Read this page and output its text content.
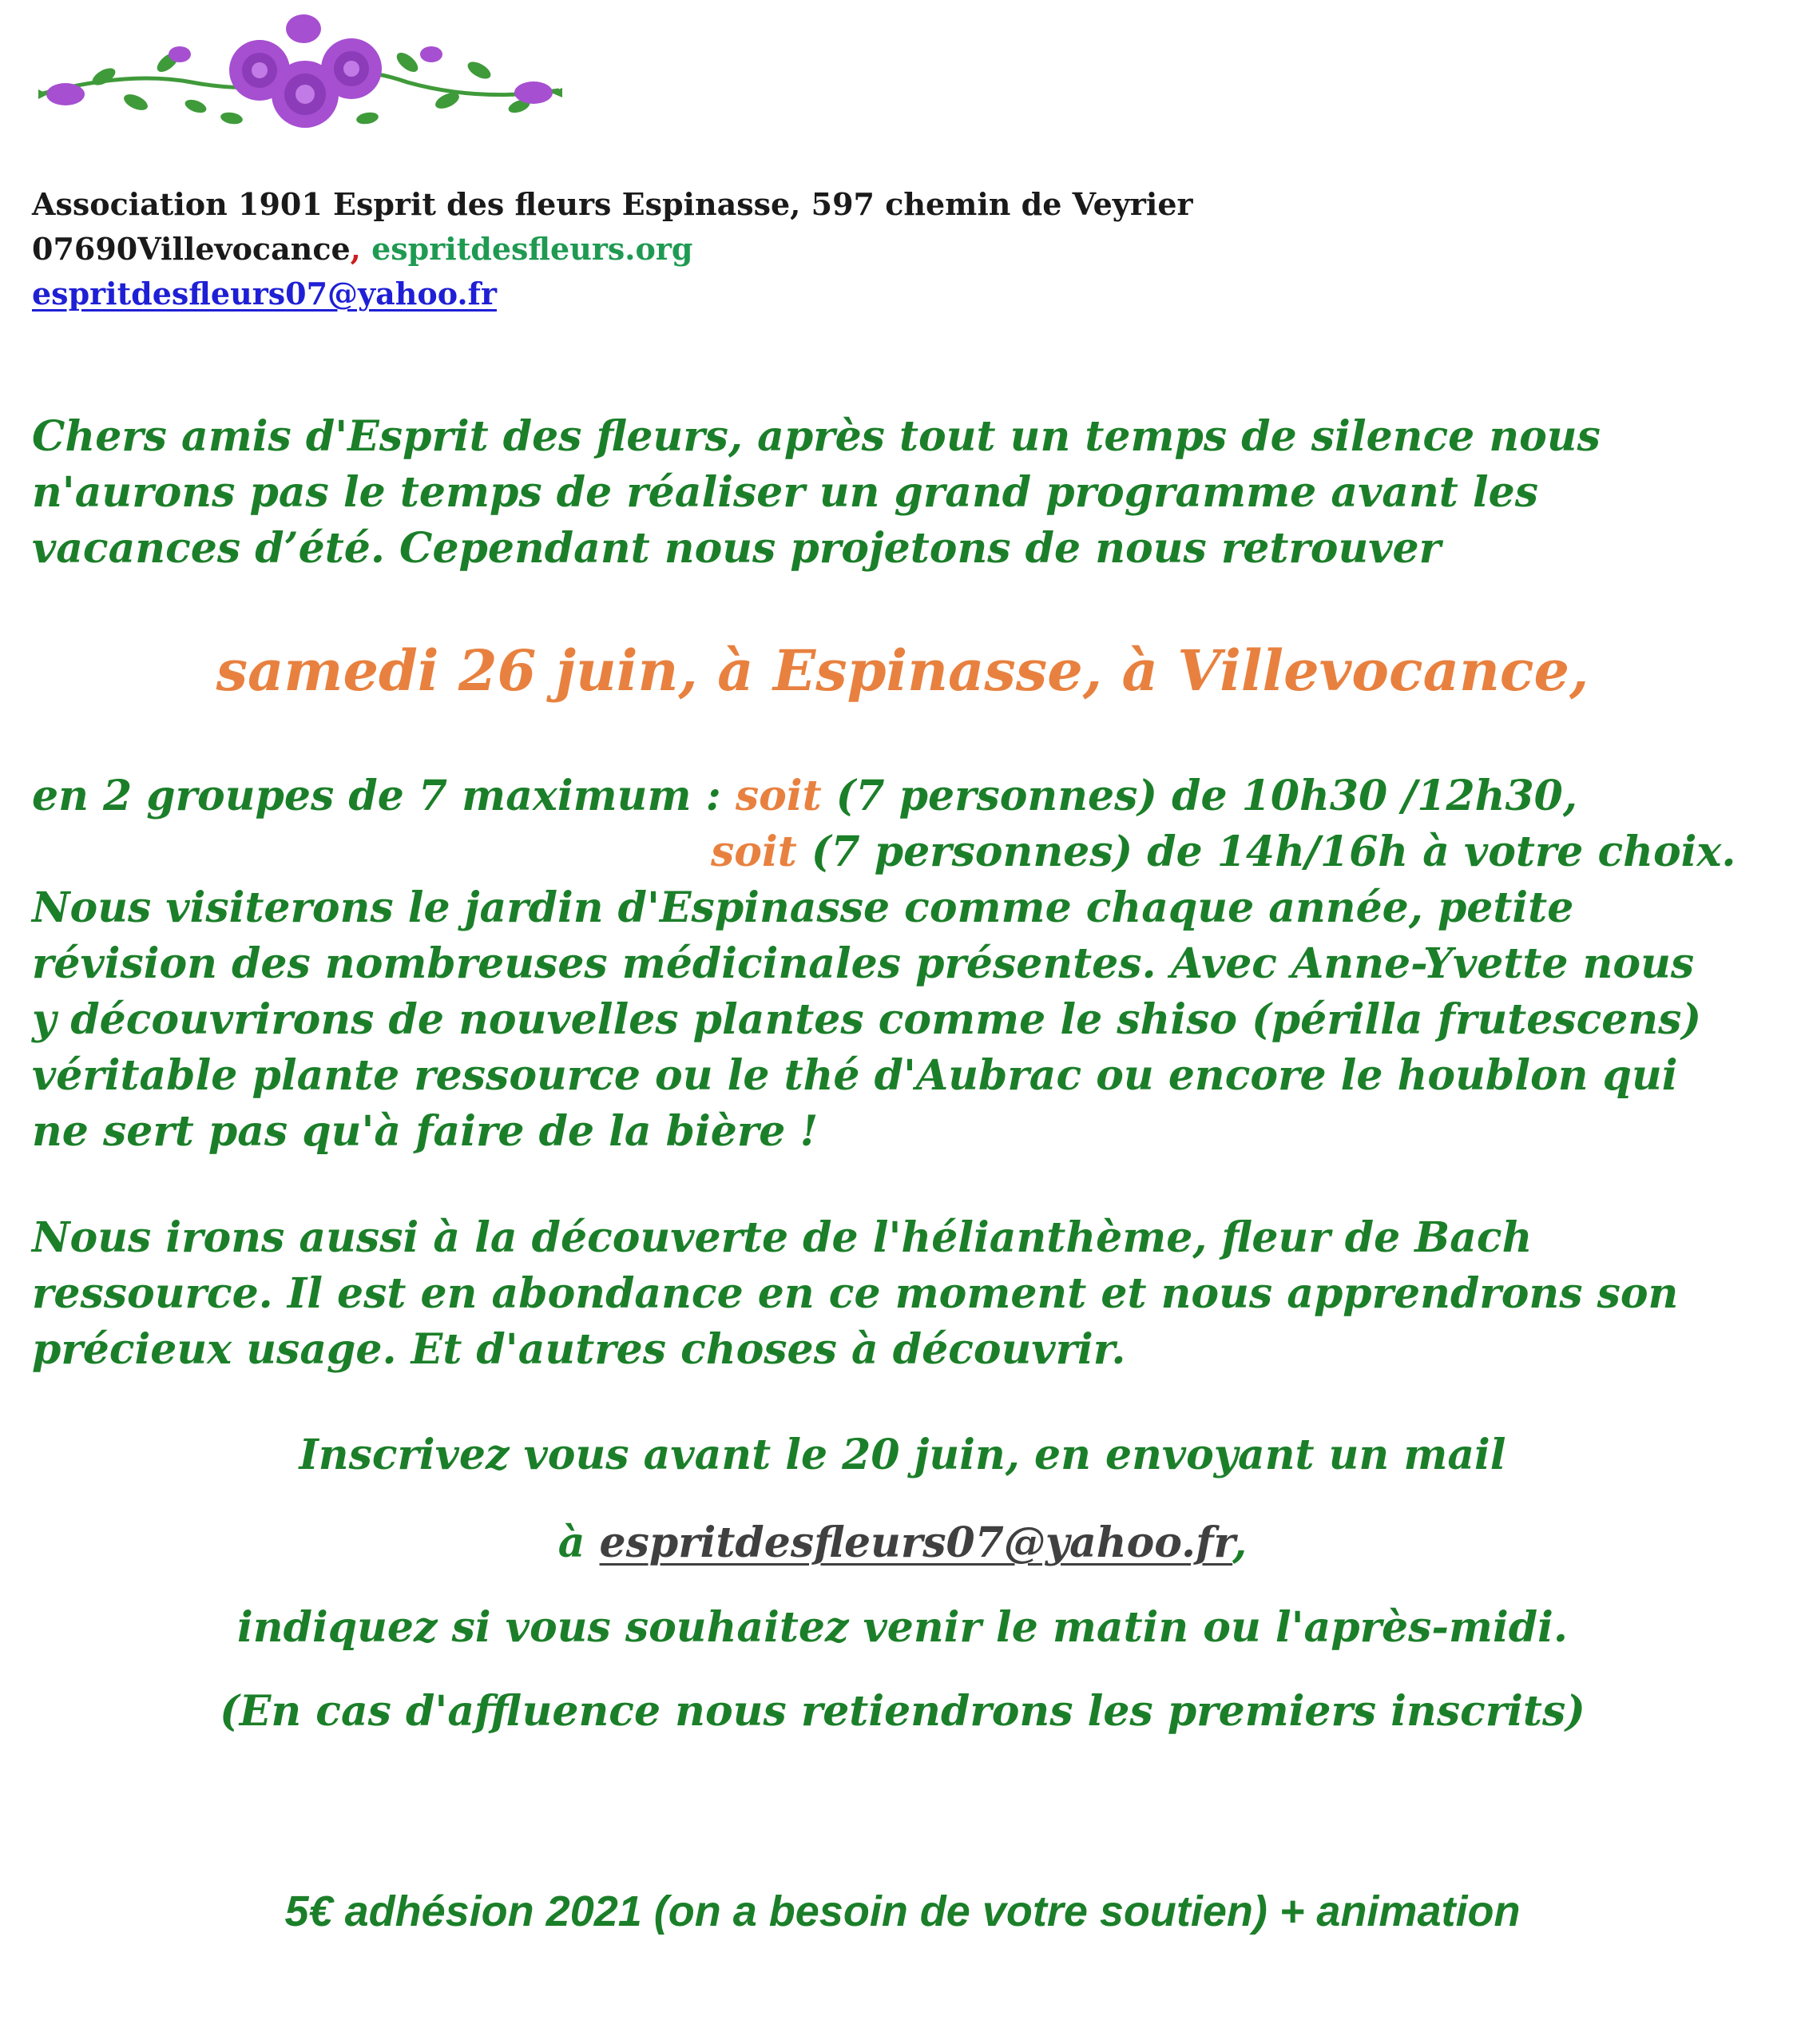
Association 1901 Esprit des fleurs Espinasse, 597 chemin de Veyrier
07690Villevocance, espritdesfleurs.org
espritdesfleurs07@yahoo.fr
Chers amis d'Esprit des fleurs, après tout un temps de silence nous
n'aurons pas le temps de réaliser un grand programme avant les
vacances d’été. Cependant nous projetons de nous retrouver
samedi 26 juin, à Espinasse, à Villevocance,
en 2 groupes de 7 maximum : soit (7 personnes) de 10h30 /12h30,
soit (7 personnes) de 14h/16h à votre choix.
Nous visiterons le jardin d'Espinasse comme chaque année, petite
révision des nombreuses médicinales présentes. Avec Anne-Yvette nous
y découvrirons de nouvelles plantes comme le shiso (périlla frutescens)
véritable plante ressource ou le thé d'Aubrac ou encore le houblon qui
ne sert pas qu'à faire de la bière !
Nous irons aussi à la découverte de l'hélianthème, fleur de Bach
ressource. Il est en abondance en ce moment et nous apprendrons son
précieux usage. Et d'autres choses à découvrir.
Inscrivez vous avant le 20 juin, en envoyant un mail
à espritdesfleurs07@yahoo.fr,
indiquez si vous souhaitez venir le matin ou l'après-midi.
(En cas d'affluence nous retiendrons les premiers inscrits)
5€ adhésion 2021 (on a besoin de votre soutien) + animation
